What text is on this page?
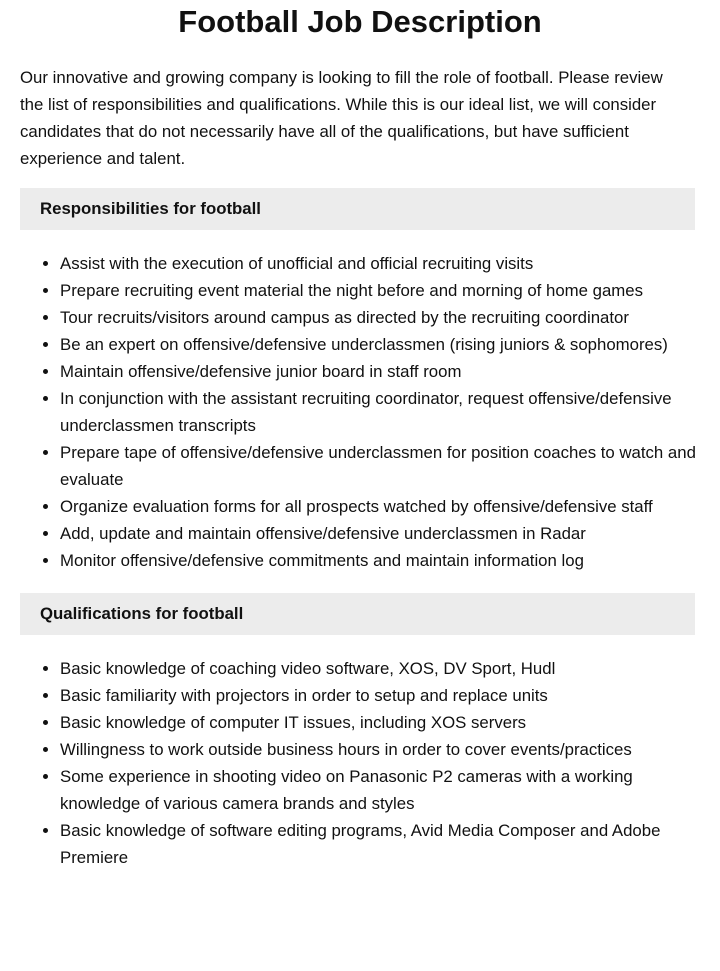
Football Job Description

Our innovative and growing company is looking to fill the role of football. Please review the list of responsibilities and qualifications. While this is our ideal list, we will consider candidates that do not necessarily have all of the qualifications, but have sufficient experience and talent.

Responsibilities for football
• Assist with the execution of unofficial and official recruiting visits
• Prepare recruiting event material the night before and morning of home games
• Tour recruits/visitors around campus as directed by the recruiting coordinator
• Be an expert on offensive/defensive underclassmen (rising juniors & sophomores)
• Maintain offensive/defensive junior board in staff room
• In conjunction with the assistant recruiting coordinator, request offensive/defensive underclassmen transcripts
• Prepare tape of offensive/defensive underclassmen for position coaches to watch and evaluate
• Organize evaluation forms for all prospects watched by offensive/defensive staff
• Add, update and maintain offensive/defensive underclassmen in Radar
• Monitor offensive/defensive commitments and maintain information log
Qualifications for football
• Basic knowledge of coaching video software, XOS, DV Sport, Hudl
• Basic familiarity with projectors in order to setup and replace units
• Basic knowledge of computer IT issues, including XOS servers
• Willingness to work outside business hours in order to cover events/practices
• Some experience in shooting video on Panasonic P2 cameras with a working knowledge of various camera brands and styles
• Basic knowledge of software editing programs, Avid Media Composer and Adobe Premiere
